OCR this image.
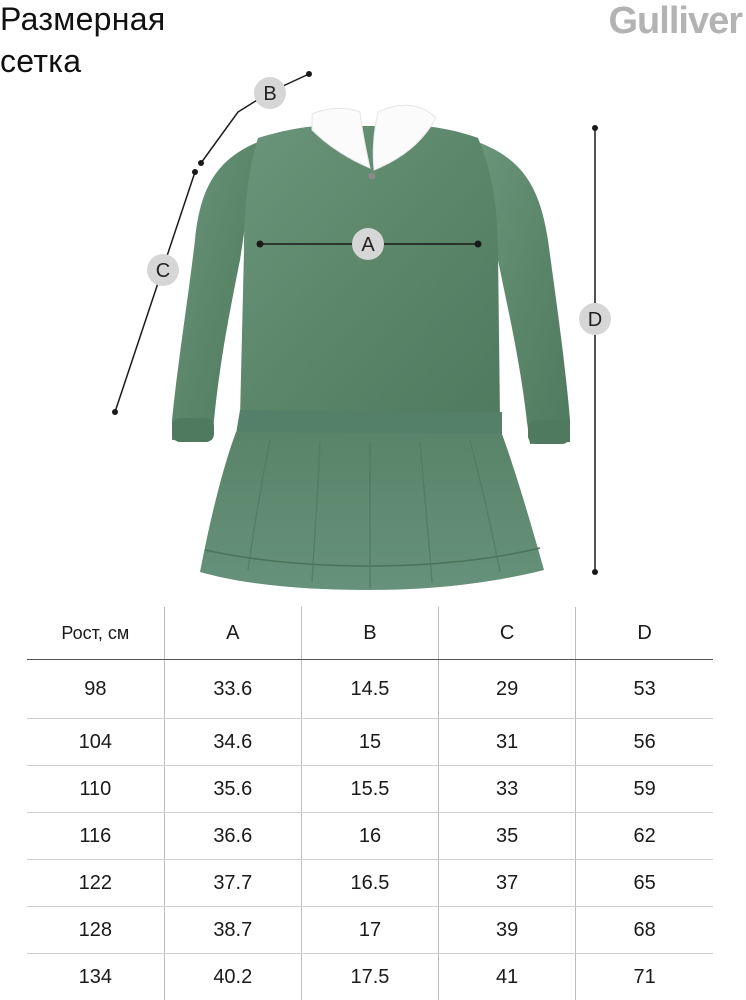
Размерная
сетка
Gulliver
A
B
C
D
Рост, см	A	B	C	D
98	33.6	14.5	29	53
104	34.6	15	31	56
110	35.6	15.5	33	59
116	36.6	16	35	62
122	37.7	16.5	37	65
128	38.7	17	39	68
134	40.2	17.5	41	71
